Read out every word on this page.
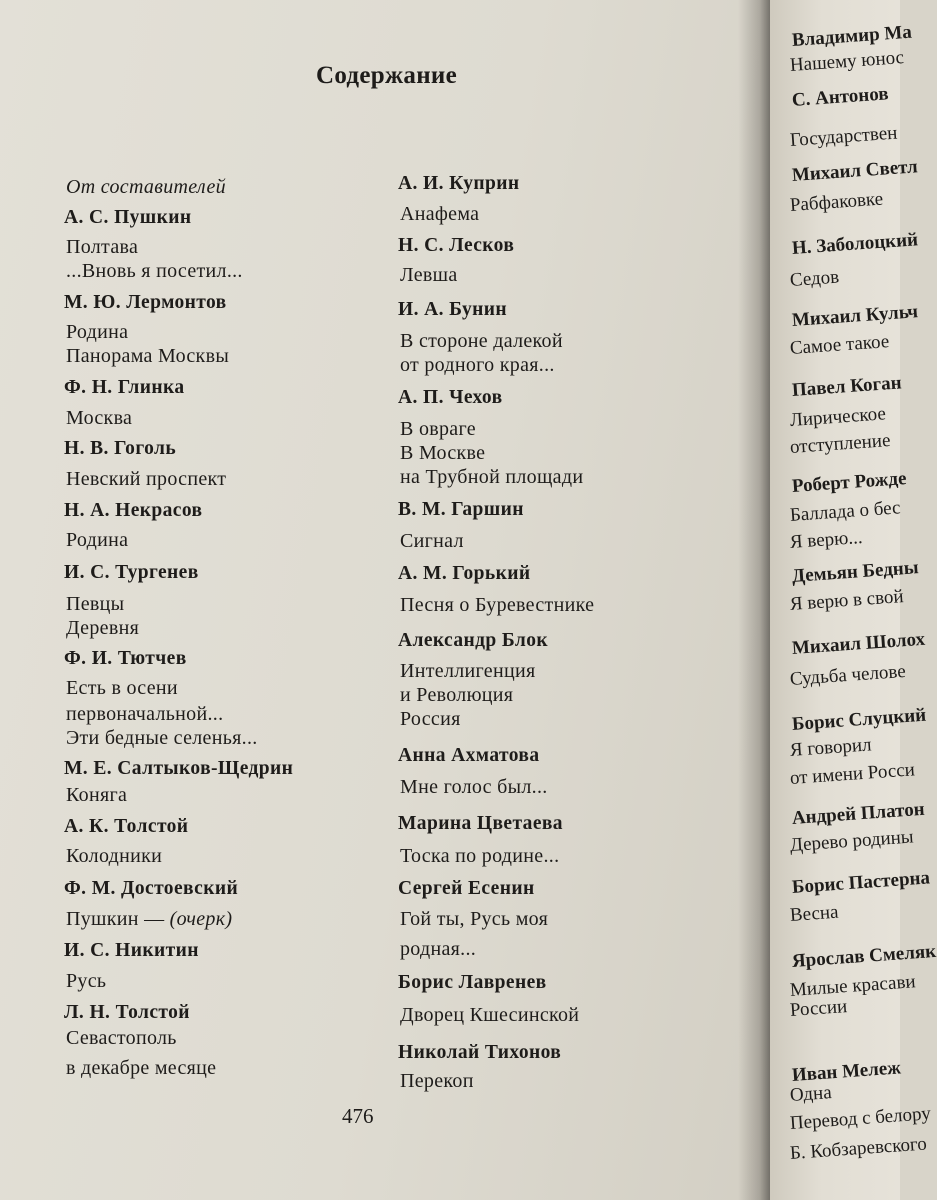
Владимир Ма
Нашему юнос
С. Антонов
Государствен
Михаил Светл
Рабфаковке
Н. Заболоцкий
Седов
Михаил Кульч
Самое такое
Павел Коган
Лирическое
отступление
Роберт Рожде
Баллада о бес
Я верю...
Демьян Бедны
Я верю в свой
Михаил Шолох
Судьба челове
Борис Слуцкий
Я говорил
от имени Росси
Андрей Платон
Дерево родины
Борис Пастерна
Весна
Ярослав Смеляк
Милые красави
России
Иван Мележ
Одна
Перевод с белору
Б. Кобзаревского
Содержание
От составителей
А. С. Пушкин
Полтава
...Вновь я посетил...
М. Ю. Лермонтов
Родина
Панорама Москвы
Ф. Н. Глинка
Москва
Н. В. Гоголь
Невский проспект
Н. А. Некрасов
Родина
И. С. Тургенев
Певцы
Деревня
Ф. И. Тютчев
Есть в осени
первоначальной...
Эти бедные селенья...
М. Е. Салтыков-Щедрин
Коняга
А. К. Толстой
Колодники
Ф. М. Достоевский
Пушкин — (очерк)
И. С. Никитин
Русь
Л. Н. Толстой
Севастополь
в декабре месяце
А. И. Куприн
Анафема
Н. С. Лесков
Левша
И. А. Бунин
В стороне далекой
от родного края...
А. П. Чехов
В овраге
В Москве
на Трубной площади
В. М. Гаршин
Сигнал
А. М. Горький
Песня о Буревестнике
Александр Блок
Интеллигенция
и Революция
Россия
Анна Ахматова
Мне голос был...
Марина Цветаева
Тоска по родине...
Сергей Есенин
Гой ты, Русь моя
родная...
Борис Лавренев
Дворец Кшесинской
Николай Тихонов
Перекоп
476
